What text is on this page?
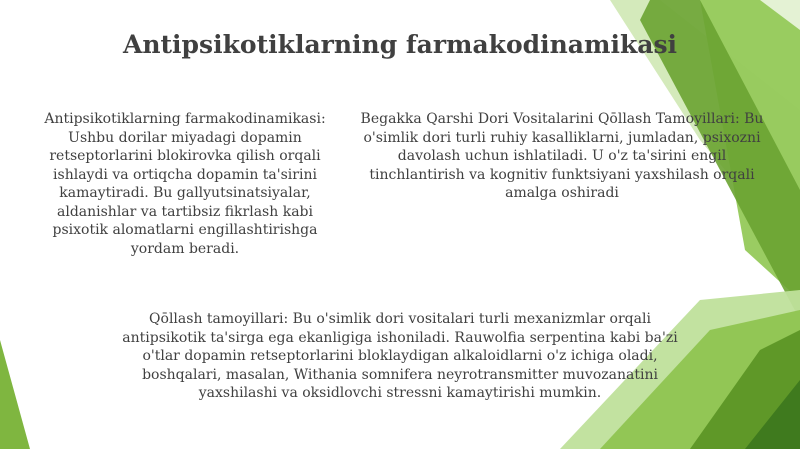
Antipsikotiklarning farmakodinamikasi

Antipsikotiklarning farmakodinamikasi: Ushbu dorilar miyadagi dopamin retseptorlarini blokirovka qilish orqali ishlaydi va ortiqcha dopamin ta'sirini kamaytiradi. Bu gallyutsinatsiyalar, aldanishlar va tartibsiz fikrlash kabi psixotik alomatlarni engillashtirishga yordam beradi.

Begakka Qarshi Dori Vositalarini Qōllash Tamoyillari: Bu o'simlik dori turli ruhiy kasalliklarni, jumladan, psixozni davolash uchun ishlatiladi. U o'z ta'sirini engil tinchlantirish va kognitiv funktsiyani yaxshilash orqali amalga oshiradi

Qōllash tamoyillari: Bu o'simlik dori vositalari turli mexanizmlar orqali antipsikotik ta'sirga ega ekanligiga ishoniladi. Rauwolfia serpentina kabi ba'zi o'tlar dopamin retseptorlarini bloklaydigan alkaloidlarni o'z ichiga oladi, boshqalari, masalan, Withania somnifera neyrotransmitter muvozanatini yaxshilashi va oksidlovchi stressni kamaytirishi mumkin.
